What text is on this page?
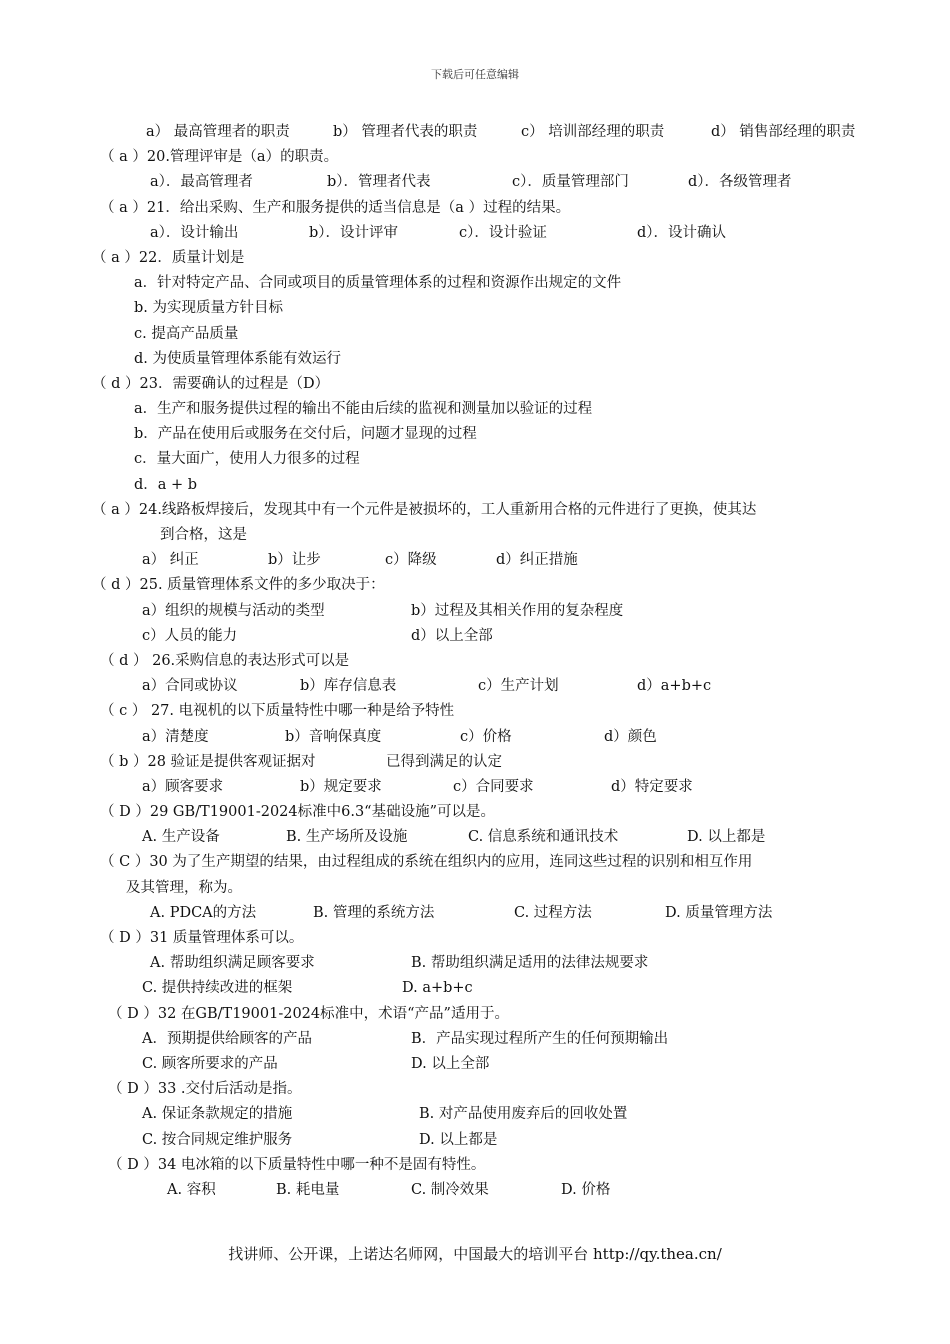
下载后可任意编辑
a） 最高管理者的职责	b） 管理者代表的职责	c） 培训部经理的职责	d） 销售部经理的职责
（ a ）20.管理评审是（a）的职责。
a）．最高管理者	b）．管理者代表	c）．质量管理部门	d）．各级管理者
（ a ）21．给出采购、生产和服务提供的适当信息是（a ）过程的结果。
a）．设计输出	b）．设计评审	c）．设计验证	d）．设计确认
（ a ）22．质量计划是
a．针对特定产品、合同或项目的质量管理体系的过程和资源作出规定的文件
b. 为实现质量方针目标
c. 提高产品质量
d. 为使质量管理体系能有效运行
（ d ）23．需要确认的过程是（D）
a．生产和服务提供过程的输出不能由后续的监视和测量加以验证的过程
b．产品在使用后或服务在交付后，问题才显现的过程
c．量大面广，使用人力很多的过程
d．a + b
（ a ）24.线路板焊接后，发现其中有一个元件是被损坏的，工人重新用合格的元件进行了更换，使其达
到合格，这是
a） 纠正	b）让步	c）降级	d）纠正措施
（ d ）25. 质量管理体系文件的多少取决于：
a）组织的规模与活动的类型	b）过程及其相关作用的复杂程度
c）人员的能力	d）以上全部
（ d ） 26.采购信息的表达形式可以是
a）合同或协议	b）库存信息表	c）生产计划	d）a+b+c
（ c ） 27. 电视机的以下质量特性中哪一种是给予特性
a）清楚度	b）音响保真度	c）价格	d）颜色
（ b ）28 验证是提供客观证据对	已得到满足的认定
a）顾客要求	b）规定要求	c）合同要求	d）特定要求
（ D ）29 GB/T19001-2024标准中6.3“基础设施”可以是。
A. 生产设备	B. 生产场所及设施	C. 信息系统和通讯技术	D. 以上都是
（ C ）30 为了生产期望的结果，由过程组成的系统在组织内的应用，连同这些过程的识别和相互作用
及其管理，称为。
A. PDCA的方法	B. 管理的系统方法	C. 过程方法	D. 质量管理方法
（ D ）31 质量管理体系可以。
A. 帮助组织满足顾客要求	B. 帮助组织满足适用的法律法规要求
C. 提供持续改进的框架	D. a+b+c
（ D ）32 在GB/T19001-2024标准中，术语“产品”适用于。
A．预期提供给顾客的产品	B．产品实现过程所产生的任何预期输出
C. 顾客所要求的产品	D. 以上全部
（ D ）33 .交付后活动是指。
A. 保证条款规定的措施	B. 对产品使用废弃后的回收处置
C. 按合同规定维护服务	D. 以上都是
（ D ）34 电冰箱的以下质量特性中哪一种不是固有特性。
A. 容积	B. 耗电量	C. 制冷效果	D. 价格
找讲师、公开课，上诺达名师网，中国最大的培训平台 http://qy.thea.cn/
